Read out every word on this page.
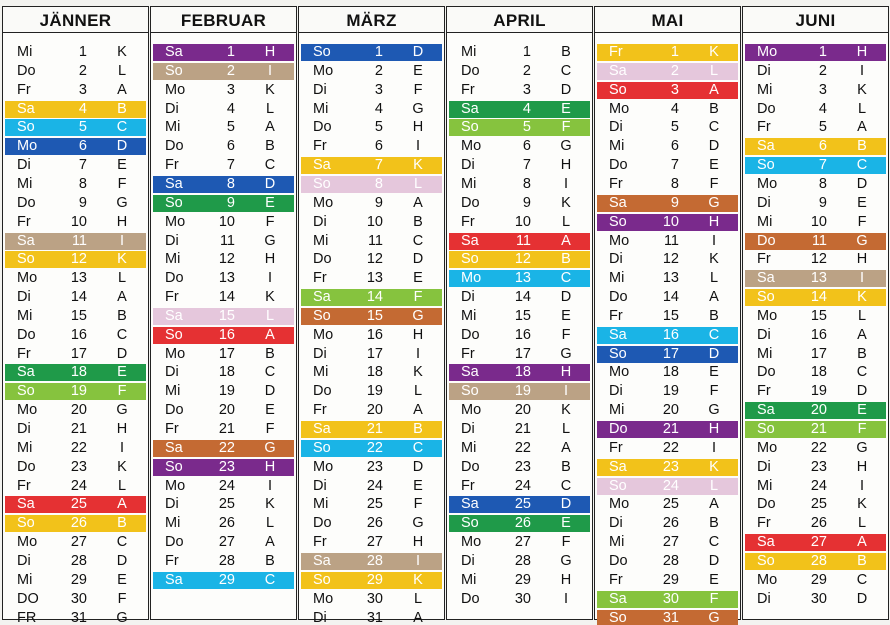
JÄNNER
Mi	1	K
Do	2	L
Fr	3	A
Sa	4	B
So	5	C
Mo	6	D
Di	7	E
Mi	8	F
Do	9	G
Fr	10	H
Sa	11	I
So	12	K
Mo	13	L
Di	14	A
Mi	15	B
Do	16	C
Fr	17	D
Sa	18	E
So	19	F
Mo	20	G
Di	21	H
Mi	22	I
Do	23	K
Fr	24	L
Sa	25	A
So	26	B
Mo	27	C
Di	28	D
Mi	29	E
DO	30	F
FR	31	G
FEBRUAR
Sa	1	H
So	2	I
Mo	3	K
Di	4	L
Mi	5	A
Do	6	B
Fr	7	C
Sa	8	D
So	9	E
Mo	10	F
Di	11	G
Mi	12	H
Do	13	I
Fr	14	K
Sa	15	L
So	16	A
Mo	17	B
Di	18	C
Mi	19	D
Do	20	E
Fr	21	F
Sa	22	G
So	23	H
Mo	24	I
Di	25	K
Mi	26	L
Do	27	A
Fr	28	B
Sa	29	C
MÄRZ
So	1	D
Mo	2	E
Di	3	F
Mi	4	G
Do	5	H
Fr	6	I
Sa	7	K
So	8	L
Mo	9	A
Di	10	B
Mi	11	C
Do	12	D
Fr	13	E
Sa	14	F
So	15	G
Mo	16	H
Di	17	I
Mi	18	K
Do	19	L
Fr	20	A
Sa	21	B
So	22	C
Mo	23	D
Di	24	E
Mi	25	F
Do	26	G
Fr	27	H
Sa	28	I
So	29	K
Mo	30	L
Di	31	A
APRIL
Mi	1	B
Do	2	C
Fr	3	D
Sa	4	E
So	5	F
Mo	6	G
Di	7	H
Mi	8	I
Do	9	K
Fr	10	L
Sa	11	A
So	12	B
Mo	13	C
Di	14	D
Mi	15	E
Do	16	F
Fr	17	G
Sa	18	H
So	19	I
Mo	20	K
Di	21	L
Mi	22	A
Do	23	B
Fr	24	C
Sa	25	D
So	26	E
Mo	27	F
Di	28	G
Mi	29	H
Do	30	I
MAI
Fr	1	K
Sa	2	L
So	3	A
Mo	4	B
Di	5	C
Mi	6	D
Do	7	E
Fr	8	F
Sa	9	G
So	10	H
Mo	11	I
Di	12	K
Mi	13	L
Do	14	A
Fr	15	B
Sa	16	C
So	17	D
Mo	18	E
Di	19	F
Mi	20	G
Do	21	H
Fr	22	I
Sa	23	K
So	24	L
Mo	25	A
Di	26	B
Mi	27	C
Do	28	D
Fr	29	E
Sa	30	F
So	31	G
JUNI
Mo	1	H
Di	2	I
Mi	3	K
Do	4	L
Fr	5	A
Sa	6	B
So	7	C
Mo	8	D
Di	9	E
Mi	10	F
Do	11	G
Fr	12	H
Sa	13	I
So	14	K
Mo	15	L
Di	16	A
Mi	17	B
Do	18	C
Fr	19	D
Sa	20	E
So	21	F
Mo	22	G
Di	23	H
Mi	24	I
Do	25	K
Fr	26	L
Sa	27	A
So	28	B
Mo	29	C
Di	30	D
